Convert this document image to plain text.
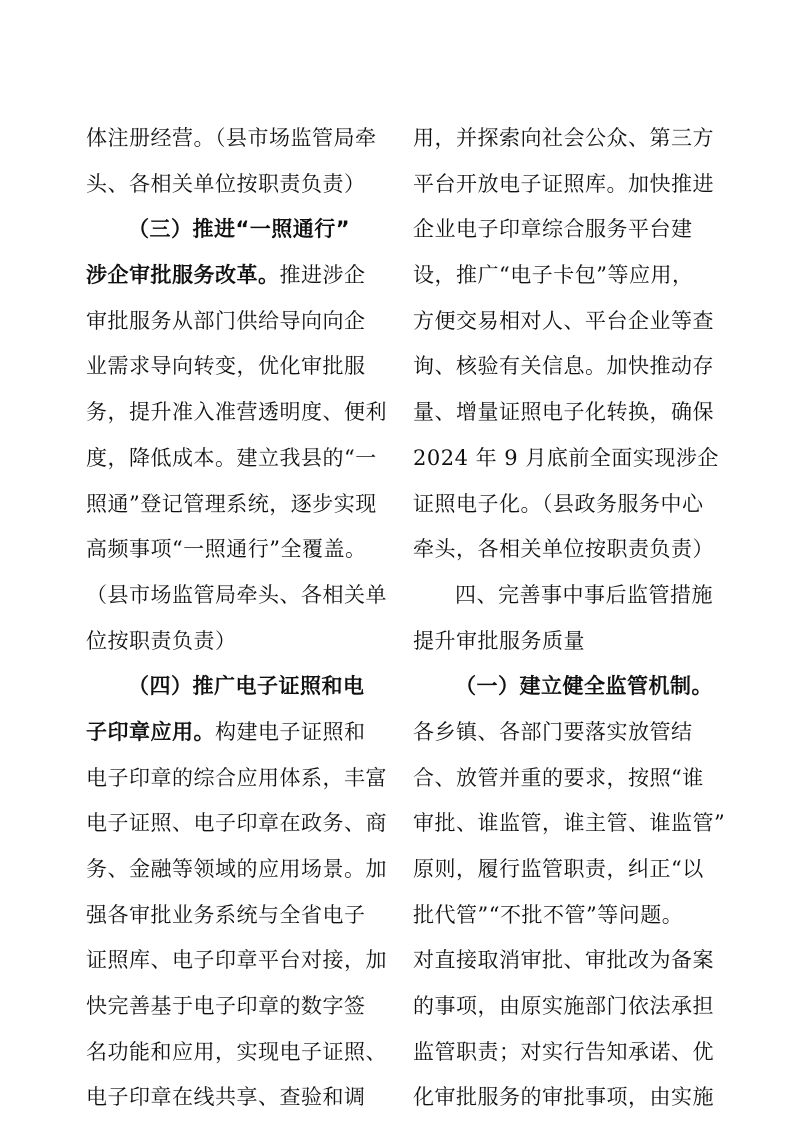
体注册经营。（县市场监管局牵
头、各相关单位按职责负责）
（三）推进“一照通行”
涉企审批服务改革。推进涉企
审批服务从部门供给导向向企
业需求导向转变，优化审批服
务，提升准入准营透明度、便利
度，降低成本。建立我县的“一
照通”登记管理系统，逐步实现
高频事项“一照通行”全覆盖。
（县市场监管局牵头、各相关单
位按职责负责）
（四）推广电子证照和电
子印章应用。构建电子证照和
电子印章的综合应用体系，丰富
电子证照、电子印章在政务、商
务、金融等领域的应用场景。加
强各审批业务系统与全省电子
证照库、电子印章平台对接，加
快完善基于电子印章的数字签
名功能和应用，实现电子证照、
电子印章在线共享、查验和调
用，并探索向社会公众、第三方
平台开放电子证照库。加快推进
企业电子印章综合服务平台建
设，推广“电子卡包”等应用，
方便交易相对人、平台企业等查
询、核验有关信息。加快推动存
量、增量证照电子化转换，确保
2024 年 9 月底前全面实现涉企
证照电子化。（县政务服务中心
牵头，各相关单位按职责负责）
四、完善事中事后监管措施
提升审批服务质量
（一）建立健全监管机制。
各乡镇、各部门要落实放管结
合、放管并重的要求，按照“谁
审批、谁监管，谁主管、谁监管”
原则，履行监管职责，纠正“以
批代管”“不批不管”等问题。
对直接取消审批、审批改为备案
的事项，由原实施部门依法承担
监管职责；对实行告知承诺、优
化审批服务的审批事项，由实施
